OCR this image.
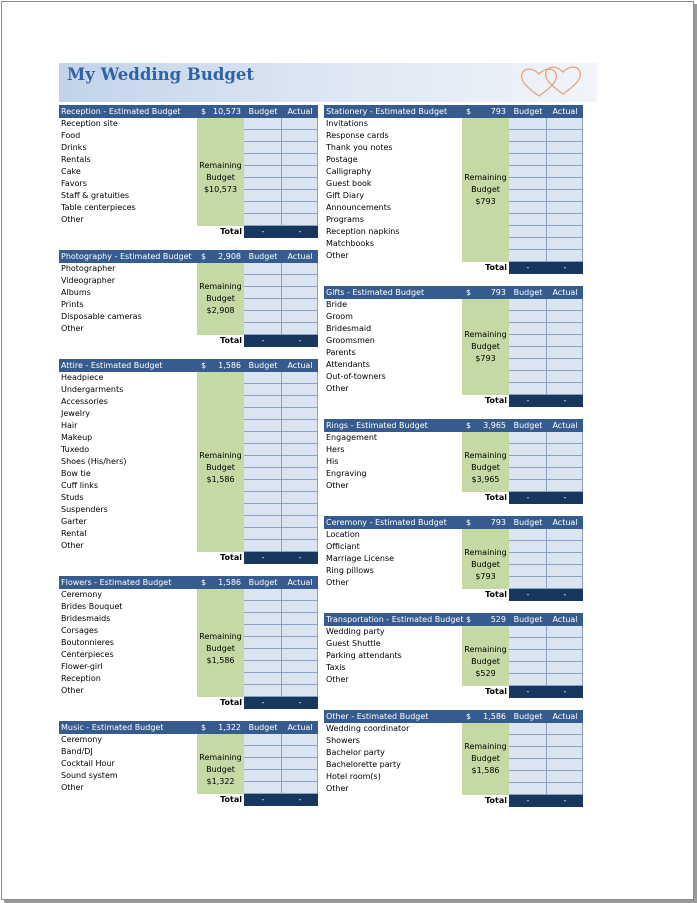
My Wedding Budget
Reception - Estimated Budget	$ 10,573 Budget	Actual
Reception site
Food
Drinks
Rentals
Cake
Favors
Staff & gratuities
Table centerpieces
Other
Remaining
Budget
$10,573
Total	-	-
Photography - Estimated Budget $	2,908 Budget	Actual
Photographer
Videographer
Albums
Prints
Disposable cameras
Other
Remaining
Budget
$2,908
Total	-	-
Attire - Estimated Budget	$	1,586 Budget	Actual
Headpiece
Undergarments
Accessories
Jewelry
Hair
Makeup
Tuxedo
Shoes (His/hers)
Bow tie
Cuff links
Studs
Suspenders
Garter
Rental
Other
Remaining
Budget
$1,586
Total	-	-
Flowers - Estimated Budget	$	1,586 Budget	Actual
Ceremony
Brides Bouquet
Bridesmaids
Corsages
Boutonnieres
Centerpieces
Flower-girl
Reception
Other
Remaining
Budget
$1,586
Total	-	-
Music - Estimated Budget	$	1,322 Budget	Actual
Ceremony
Band/DJ
Cocktail Hour
Sound system
Other
Remaining
Budget
$1,322
Total	-	-
Stationery - Estimated Budget $	793 Budget	Actual
Invitations
Response cards
Thank you notes
Postage
Calligraphy
Guest book
Gift Diary
Announcements
Programs
Reception napkins
Matchbooks
Other
Remaining
Budget
$793
Total	-	-
Gifts - Estimated Budget	$	793 Budget	Actual
Bride
Groom
Bridesmaid
Groomsmen
Parents
Attendants
Out-of-towners
Other
Remaining
Budget
$793
Total	-	-
Rings - Estimated Budget	$	3,965 Budget	Actual
Engagement
Hers
His
Engraving
Other
Remaining
Budget
$3,965
Total	-	-
Ceremony - Estimated Budget $	793 Budget	Actual
Location
Officiant
Marriage License
Ring pillows
Other
Remaining
Budget
$793
Total	-	-
Transportation - Estimated Budget $	529 Budget	Actual
Wedding party
Guest Shuttle
Parking attendants
Taxis
Other
Remaining
Budget
$529
Total	-	-
Other - Estimated Budget	$	1,586 Budget	Actual
Wedding coordinator
Showers
Bachelor party
Bachelorette party
Hotel room(s)
Other
Remaining
Budget
$1,586
Total	-	-
